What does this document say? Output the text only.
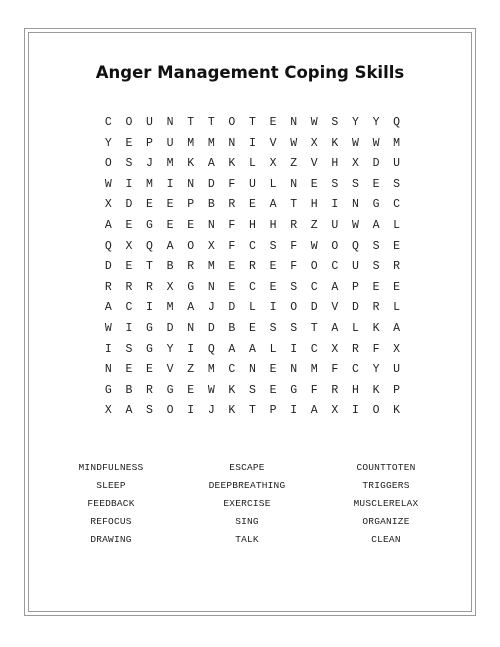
Anger Management Coping Skills
C	O	U	N	T	T	O	T	E	N	W	S	Y	Y	Q
Y	E	P	U	M	M	N	I	V	W	X	K	W	W	M
O	S	J	M	K	A	K	L	X	Z	V	H	X	D	U
W	I	M	I	N	D	F	U	L	N	E	S	S	E	S
X	D	E	E	P	B	R	E	A	T	H	I	N	G	C
A	E	G	E	E	N	F	H	H	R	Z	U	W	A	L
Q	X	Q	A	O	X	F	C	S	F	W	O	Q	S	E
D	E	T	B	R	M	E	R	E	F	O	C	U	S	R
R	R	R	X	G	N	E	C	E	S	C	A	P	E	E
A	C	I	M	A	J	D	L	I	O	D	V	D	R	L
W	I	G	D	N	D	B	E	S	S	T	A	L	K	A
I	S	G	Y	I	Q	A	A	L	I	C	X	R	F	X
N	E	E	V	Z	M	C	N	E	N	M	F	C	Y	U
G	B	R	G	E	W	K	S	E	G	F	R	H	K	P
X	A	S	O	I	J	K	T	P	I	A	X	I	O	K
MINDFULNESS	ESCAPE	COUNTTOTEN
SLEEP	DEEPBREATHING	TRIGGERS
FEEDBACK	EXERCISE	MUSCLERELAX
REFOCUS	SING	ORGANIZE
DRAWING	TALK	CLEAN
